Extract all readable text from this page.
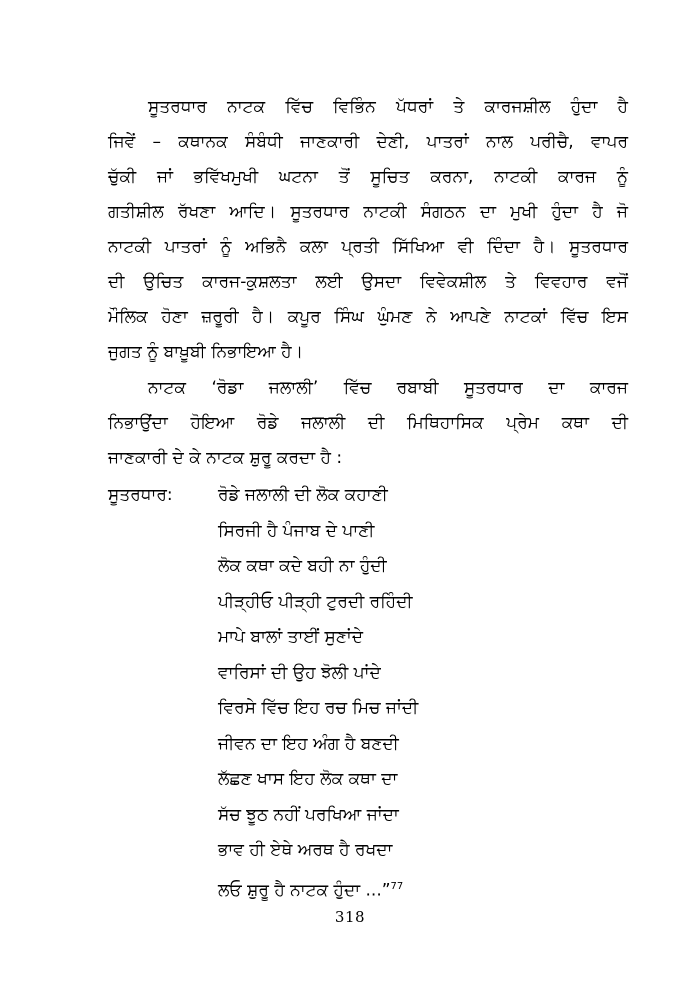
ਸੂਤਰਧਾਰ ਨਾਟਕ ਵਿੱਚ ਵਿਭਿੰਨ ਪੱਧਰਾਂ ਤੇ ਕਾਰਜਸ਼ੀਲ ਹੁੰਦਾ ਹੈ
ਜਿਵੇਂ – ਕਥਾਨਕ ਸੰਬੰਧੀ ਜਾਣਕਾਰੀ ਦੇਣੀ, ਪਾਤਰਾਂ ਨਾਲ ਪਰੀਚੈ, ਵਾਪਰ
ਚੁੱਕੀ ਜਾਂ ਭਵਿੱਖਮੁਖੀ ਘਟਨਾ ਤੋਂ ਸੂਚਿਤ ਕਰਨਾ, ਨਾਟਕੀ ਕਾਰਜ ਨੂੰ
ਗਤੀਸ਼ੀਲ ਰੱਖਣਾ ਆਦਿ। ਸੂਤਰਧਾਰ ਨਾਟਕੀ ਸੰਗਠਨ ਦਾ ਮੁਖੀ ਹੁੰਦਾ ਹੈ ਜੋ
ਨਾਟਕੀ ਪਾਤਰਾਂ ਨੂੰ ਅਭਿਨੈ ਕਲਾ ਪ੍ਰਤੀ ਸਿੱਖਿਆ ਵੀ ਦਿੰਦਾ ਹੈ। ਸੂਤਰਧਾਰ
ਦੀ ਉਚਿਤ ਕਾਰਜ-ਕੁਸ਼ਲਤਾ ਲਈ ਉਸਦਾ ਵਿਵੇਕਸ਼ੀਲ ਤੇ ਵਿਵਹਾਰ ਵਜੋਂ
ਮੌਲਿਕ ਹੋਣਾ ਜ਼ਰੂਰੀ ਹੈ। ਕਪੂਰ ਸਿੰਘ ਘੁੰਮਣ ਨੇ ਆਪਣੇ ਨਾਟਕਾਂ ਵਿੱਚ ਇਸ
ਜੁਗਤ ਨੂੰ ਬਾਖ਼ੂਬੀ ਨਿਭਾਇਆ ਹੈ।

ਨਾਟਕ ‘ਰੋਡਾ ਜਲਾਲੀ’ ਵਿੱਚ ਰਬਾਬੀ ਸੂਤਰਧਾਰ ਦਾ ਕਾਰਜ
ਨਿਭਾਉਂਦਾ ਹੋਇਆ ਰੋਡੇ ਜਲਾਲੀ ਦੀ ਮਿਥਿਹਾਸਿਕ ਪ੍ਰੇਮ ਕਥਾ ਦੀ
ਜਾਣਕਾਰੀ ਦੇ ਕੇ ਨਾਟਕ ਸ਼ੁਰੂ ਕਰਦਾ ਹੈ :

ਸੂਤਰਧਾਰ:	ਰੋਡੇ ਜਲਾਲੀ ਦੀ ਲੋਕ ਕਹਾਣੀ
ਸਿਰਜੀ ਹੈ ਪੰਜਾਬ ਦੇ ਪਾਣੀ
ਲੋਕ ਕਥਾ ਕਦੇ ਬਹੀ ਨਾ ਹੁੰਦੀ
ਪੀੜ੍ਹੀਓ ਪੀੜ੍ਹੀ ਟੁਰਦੀ ਰਹਿੰਦੀ
ਮਾਪੇ ਬਾਲਾਂ ਤਾਈਂ ਸੁਣਾਂਦੇ
ਵਾਰਿਸਾਂ ਦੀ ਉਹ ਝੋਲੀ ਪਾਂਦੇ
ਵਿਰਸੇ ਵਿੱਚ ਇਹ ਰਚ ਮਿਚ ਜਾਂਦੀ
ਜੀਵਨ ਦਾ ਇਹ ਅੰਗ ਹੈ ਬਣਦੀ
ਲੱਛਣ ਖਾਸ ਇਹ ਲੋਕ ਕਥਾ ਦਾ
ਸੱਚ ਝੂਠ ਨਹੀਂ ਪਰਖਿਆ ਜਾਂਦਾ
ਭਾਵ ਹੀ ਏਥੇ ਅਰਥ ਹੈ ਰਖਦਾ
ਲਓ ਸ਼ੁਰੂ ਹੈ ਨਾਟਕ ਹੁੰਦਾ ...”$^{77}$
318
